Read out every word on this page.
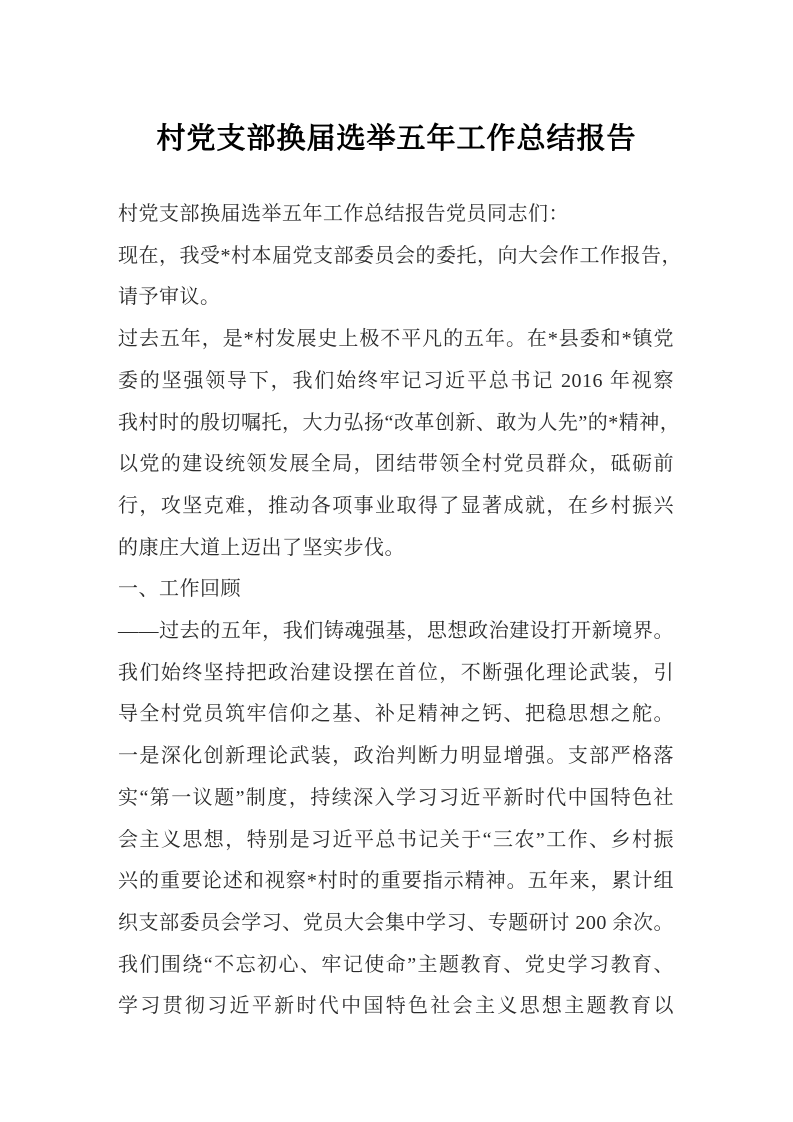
村党支部换届选举五年工作总结报告
村党支部换届选举五年工作总结报告党员同志们：
现在，我受*村本届党支部委员会的委托，向大会作工作报告，
请予审议。
过去五年，是*村发展史上极不平凡的五年。在*县委和*镇党
委的坚强领导下，我们始终牢记习近平总书记 2016 年视察
我村时的殷切嘱托，大力弘扬“改革创新、敢为人先”的*精神，
以党的建设统领发展全局，团结带领全村党员群众，砥砺前
行，攻坚克难，推动各项事业取得了显著成就，在乡村振兴
的康庄大道上迈出了坚实步伐。
一、工作回顾
——过去的五年，我们铸魂强基，思想政治建设打开新境界。
我们始终坚持把政治建设摆在首位，不断强化理论武装，引
导全村党员筑牢信仰之基、补足精神之钙、把稳思想之舵。
一是深化创新理论武装，政治判断力明显增强。支部严格落
实“第一议题”制度，持续深入学习习近平新时代中国特色社
会主义思想，特别是习近平总书记关于“三农”工作、乡村振
兴的重要论述和视察*村时的重要指示精神。五年来，累计组
织支部委员会学习、党员大会集中学习、专题研讨 200 余次。
我们围绕“不忘初心、牢记使命”主题教育、党史学习教育、
学习贯彻习近平新时代中国特色社会主义思想主题教育以
